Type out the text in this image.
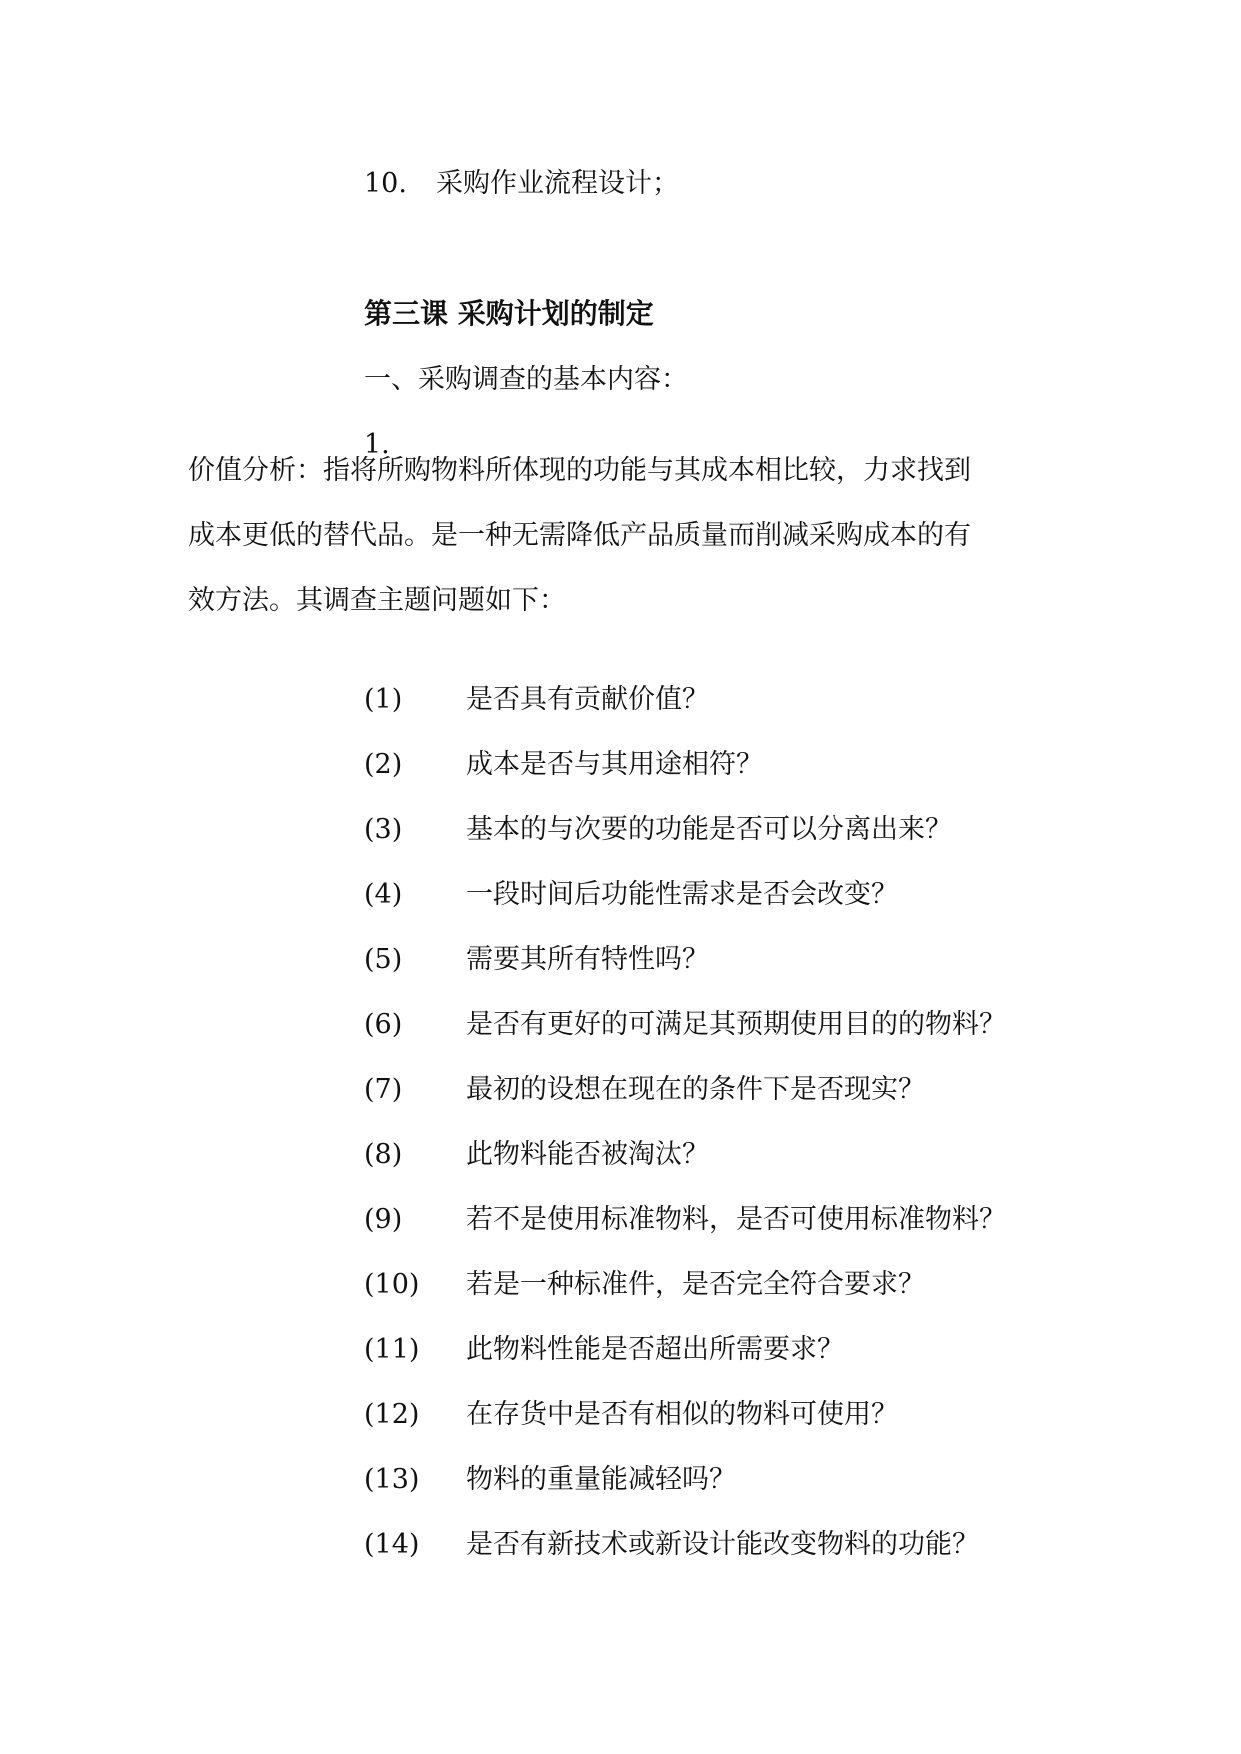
10. 采购作业流程设计；
第三课 采购计划的制定
一、采购调查的基本内容：
1.
价值分析：指将所购物料所体现的功能与其成本相比较，力求找到
成本更低的替代品。是一种无需降低产品质量而削减采购成本的有
效方法。其调查主题问题如下：
(1) 是否具有贡献价值？
(2) 成本是否与其用途相符？
(3) 基本的与次要的功能是否可以分离出来？
(4) 一段时间后功能性需求是否会改变？
(5) 需要其所有特性吗？
(6) 是否有更好的可满足其预期使用目的的物料？
(7) 最初的设想在现在的条件下是否现实？
(8) 此物料能否被淘汰？
(9) 若不是使用标准物料，是否可使用标准物料？
(10) 若是一种标准件，是否完全符合要求？
(11) 此物料性能是否超出所需要求？
(12) 在存货中是否有相似的物料可使用？
(13) 物料的重量能减轻吗？
(14) 是否有新技术或新设计能改变物料的功能？
